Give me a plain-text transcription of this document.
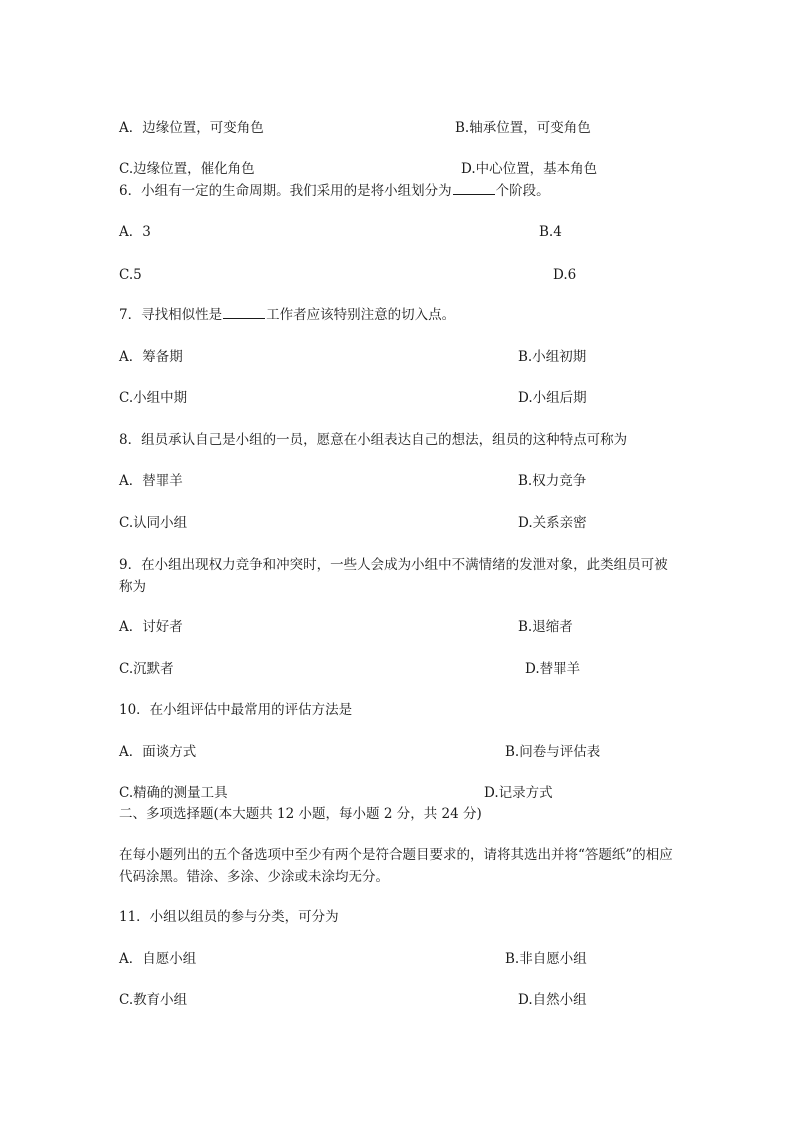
A．边缘位置，可变角色	B.轴承位置，可变角色
C.边缘位置，催化角色	D.中心位置，基本角色
6．小组有一定的生命周期。我们采用的是将小组划分为	个阶段。
A．3	B.4
C.5	D.6
7．寻找相似性是	工作者应该特别注意的切入点。
A．筹备期	B.小组初期
C.小组中期	D.小组后期
8．组员承认自己是小组的一员，愿意在小组表达自己的想法，组员的这种特点可称为
A．替罪羊	B.权力竞争
C.认同小组	D.关系亲密
9．在小组出现权力竞争和冲突时，一些人会成为小组中不满情绪的发泄对象，此类组员可被称为
A．讨好者	B.退缩者
C.沉默者	D.替罪羊
10．在小组评估中最常用的评估方法是
A．面谈方式	B.问卷与评估表
C.精确的测量工具	D.记录方式
二、多项选择题(本大题共 12 小题，每小题 2 分，共 24 分)
在每小题列出的五个备选项中至少有两个是符合题目要求的，请将其选出并将“答题纸”的相应代码涂黑。错涂、多涂、少涂或未涂均无分。
11．小组以组员的参与分类，可分为
A．自愿小组	B.非自愿小组
C.教育小组	D.自然小组
